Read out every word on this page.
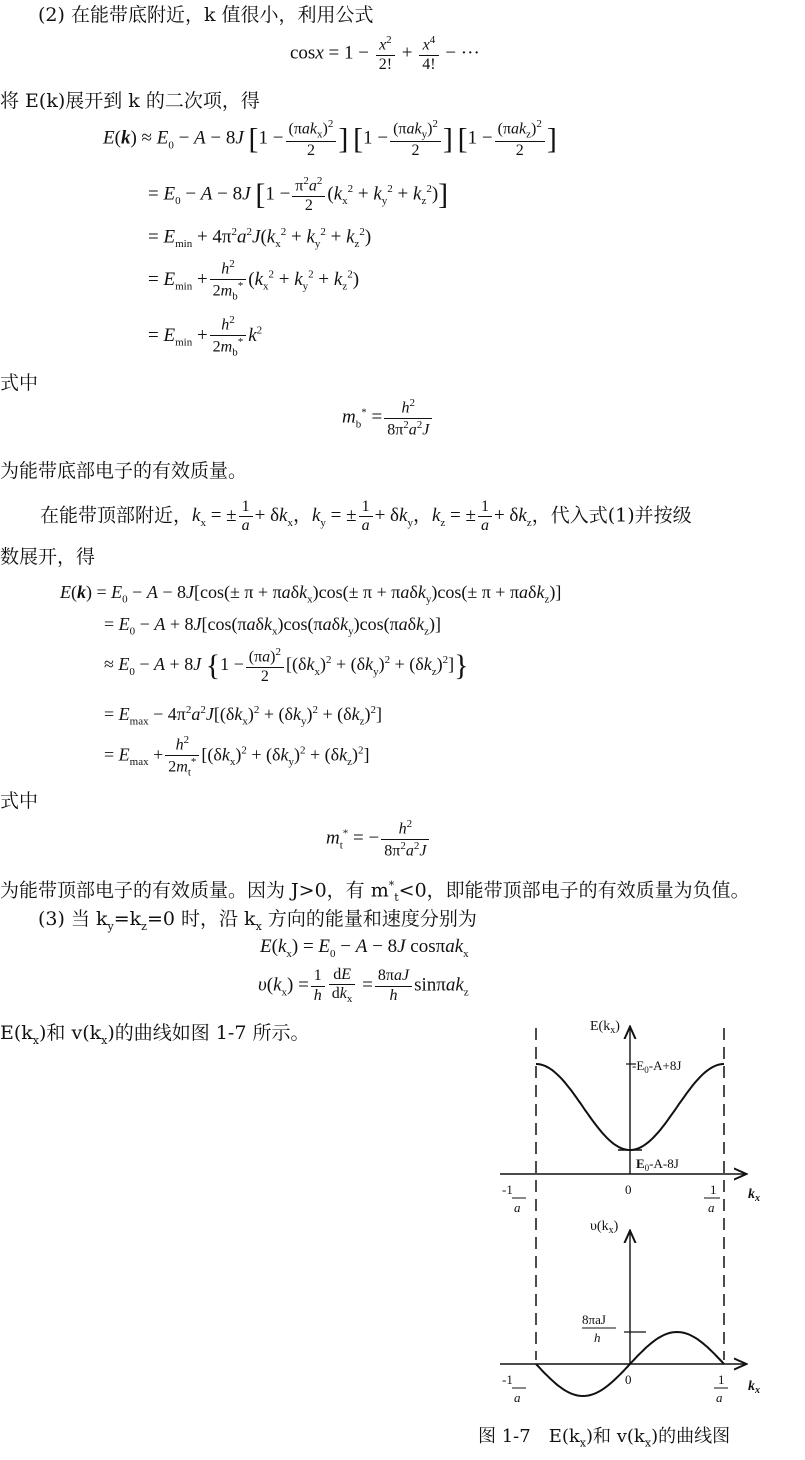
(2) 在能带底附近，k 值很小，利用公式
$\cos x = 1 - \frac{x^2}{2!} + \frac{x^4}{4!}$ − ···
将 E(k)展开到 k 的二次项，得
$E(k) \approx E_0 - A - 8J$ [$1 - \frac{(\pi ak_x)^2}{2}$ ] [$1 - \frac{(\pi ak_y)^2}{2}$ ] [$1 - \frac{(\pi ak_z)^2}{2}$ ]
= $E_0 - A - 8J$ $[1 - \frac{\pi^2a^2}{2} (k_x^2 + k_y^2 + k_z^2)]$
= $E_{min} + 4\pi^2a^2J(k_x^2 + k_y^2 + k_z^2)$
= $E_{min} + \frac{h^2}{2m_b^*} (k_x^2 + k_y^2 + k_z^2)$
= $E_{min} + \frac{h^2}{2m_b^*} k^2$
式中
$m_b^* = \frac{h^2}{8\pi^2a^2J}$
为能带底部电子的有效质量。
在能带顶部附近，$k_x$ = ± $\frac{1}{a} + \delta k_x$，$k_y$ = ± $\frac{1}{a} + \delta k_y$，$k_z$ = ± $\frac{1}{a} + \delta k_z$，代入式(1)并按级
数展开，得
$E(k) = E_0 - A - 8J[\cos(\pm \pi + \pi a\delta k_x)\cos(\pm \pi + \pi a\delta k_y)\cos(\pm \pi + \pi a\delta k_z)]$
= $E_0 - A + 8J[\cos(\pi a\delta k_x)\cos(\pi a\delta k_y)\cos(\pi a\delta k_z)]$
≈ $E_0 - A + 8J$ $\{1 - \frac{(\pi a)^2}{2} [(\delta k_x)^2 + (\delta k_y)^2 + (\delta k_z)^2]\}$
= $E_{max} - 4\pi^2a^2J[(\delta k_x)^2 + (\delta k_y)^2 + (\delta k_z)^2]$
= $E_{max} + \frac{h^2}{2m_t^*} [(\delta k_x)^2 + (\delta k_y)^2 + (\delta k_z)^2]$
式中
$m_t^*$ = − $\frac{h^2}{8\pi^2a^2J}$
为能带顶部电子的有效质量。因为 J>0，有 $m^*_t<0$，即能带顶部电子的有效质量为负值。
(3) 当 $k_y=k_z=0$ 时，沿 $k_x$ 方向的能量和速度分别为
$E(k_x) = E_0 - A - 8J$ cosπak$_x$
$\upsilon(k_x) = \frac{1}{h} \frac{dE}{dk_x} = \frac{\text{8πaJ}}{h} \sin\pi ak_z$
$E(k_x)$和 $v(k_x)$的曲线如图 1-7 所示。	$E(k_x)$
$-E_0-A+8J$
$E_0-A-8J$
-1
a
0	1
a
$k_x$
$\upsilon(k_x)$
8πaJ
h
-1
a
0	1
a
$k_x$
图 1-7　$E(k_x)$和 $v(k_x)$的曲线图
